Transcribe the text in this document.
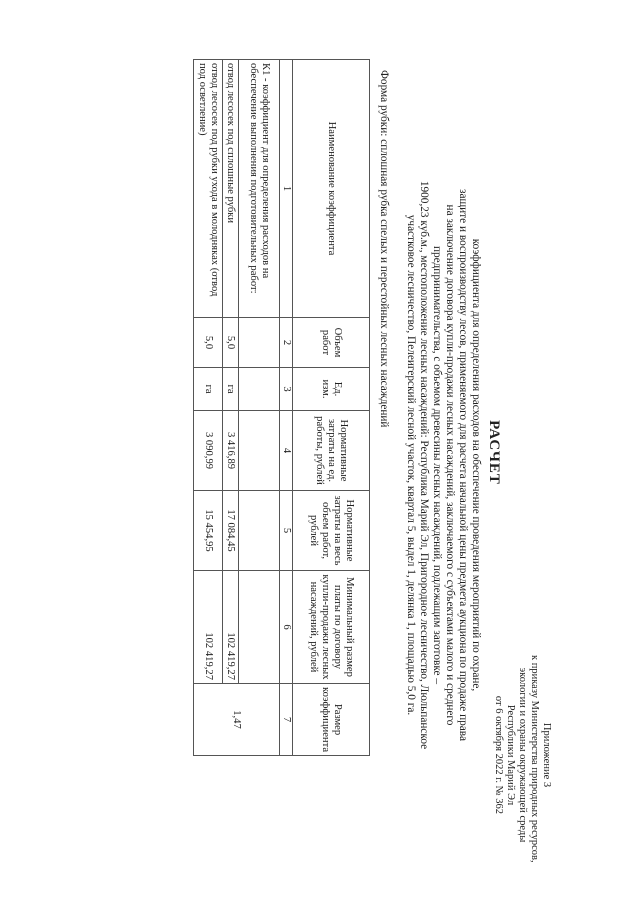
Приложение 3
к приказу Министерства природных ресурсов,
экологии и охраны окружающей среды
Республики Марий Эл
от 6 октября 2022 г. № 362
РАСЧЕТ
коэффициента для определения расходов на обеспечение проведения мероприятий по охране,
защите и воспроизводству лесов, применяемого для расчета начальной цены предмета аукциона по продаже права
на заключение договора купли-продажи лесных насаждений, заключаемого с субъектами малого и среднего
предпринимательства, с объемом древесины лесных насаждений, подлежащим заготовке –
1900,23 куб.м., местоположение лесных насаждений: Республика Марий Эл, Пригородное лесничество, Люльпанское
участковое лесничество, Пелеигерский лесной участок, квартал 5, выдел 1, делянка 1, площадью 5,0 га.
Форма рубки: сплошная рубка спелых и перестойных лесных насаждений
Наименование коэффициента	Объем работ	Ед. изм.	Нормативные затраты на ед. работы, рублей	Нормативные затраты на весь объем работ, рублей	Минимальный размер платы по договору купли-продажи лесных насаждений, рублей	Размер коэффициента
1	2	3	4	5	6	7
К1 - коэффициент для определения расходов на обеспечение выполнения подготовительных работ:						1,47
отвод лесосек под сплошные рубки	5,0	га	3 416,89	17 084,45	102 419,27	
отвод лесосек под рубки ухода в молодняках (отвод под осветление)	5,0	га	3 090,99	15 454,95	102 419,27	
